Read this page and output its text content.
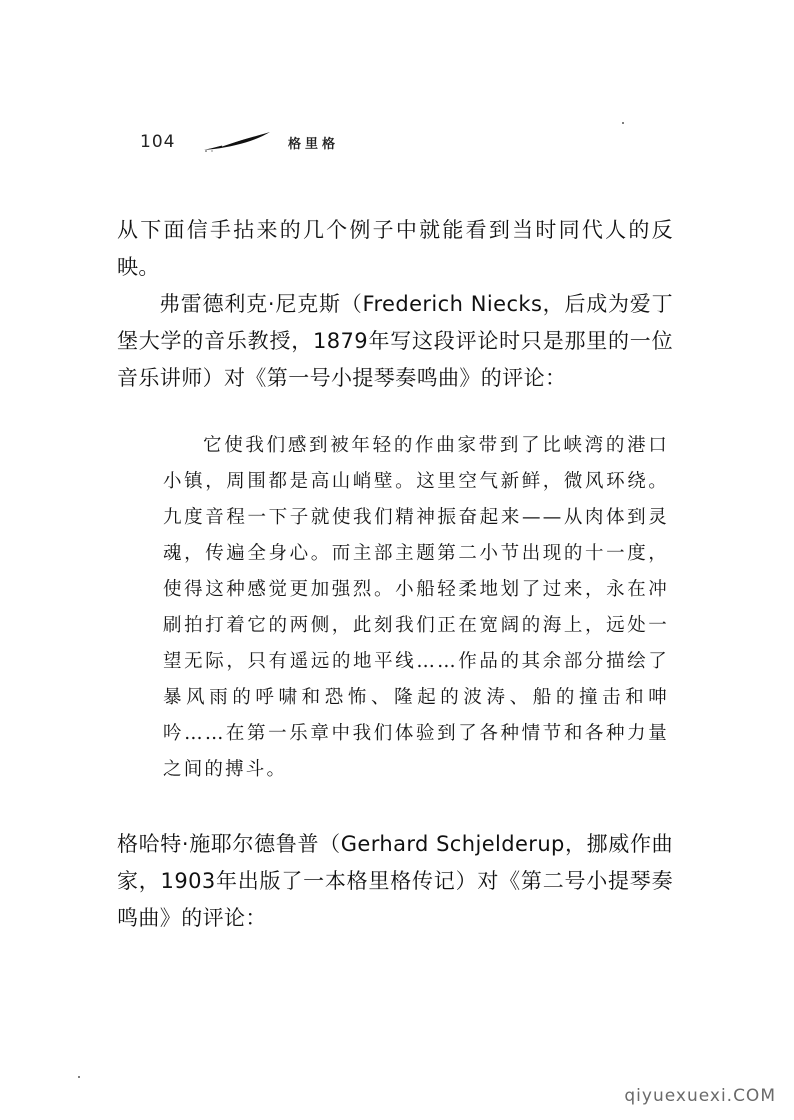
104	格里格

从下面信手拈来的几个例子中就能看到当时同代人的反映。

弗雷德利克·尼克斯（Frederich Niecks，后成为爱丁堡大学的音乐教授，1879年写这段评论时只是那里的一位音乐讲师）对《第一号小提琴奏鸣曲》的评论：

它使我们感到被年轻的作曲家带到了比峡湾的港口小镇，周围都是高山峭壁。这里空气新鲜，微风环绕。九度音程一下子就使我们精神振奋起来——从肉体到灵魂，传遍全身心。而主部主题第二小节出现的十一度，使得这种感觉更加强烈。小船轻柔地划了过来，永在冲刷拍打着它的两侧，此刻我们正在宽阔的海上，远处一望无际，只有遥远的地平线……作品的其余部分描绘了暴风雨的呼啸和恐怖、隆起的波涛、船的撞击和呻吟……在第一乐章中我们体验到了各种情节和各种力量之间的搏斗。

格哈特·施耶尔德鲁普（Gerhard Schjelderup，挪威作曲家，1903年出版了一本格里格传记）对《第二号小提琴奏鸣曲》的评论：

qiyuexuexi.COM
